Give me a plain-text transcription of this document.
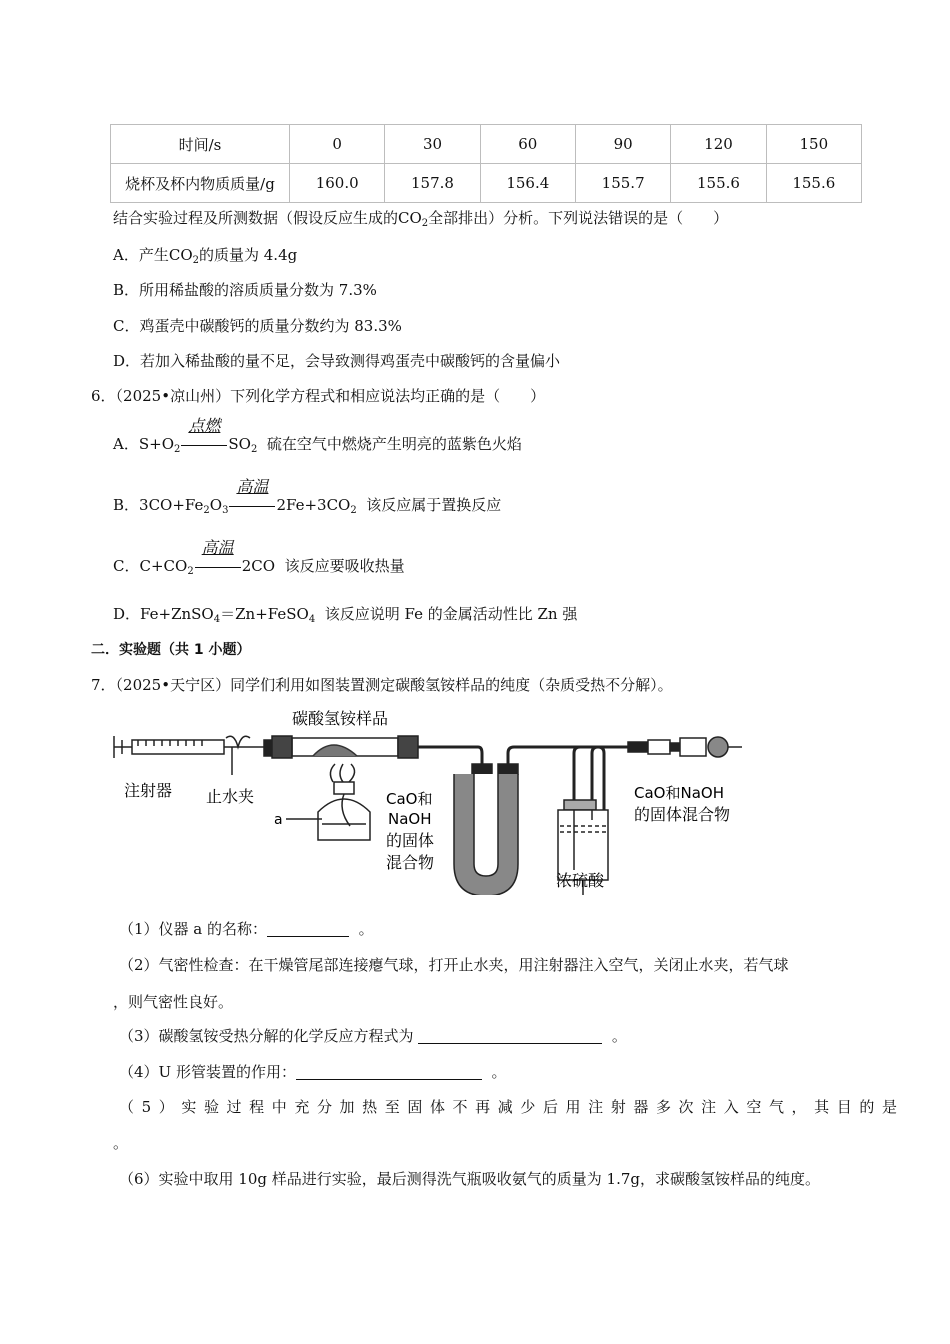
时间/s	0	30	60	90	120	150
烧杯及杯内物质质量/g	160.0	157.8	156.4	155.7	155.6	155.6
结合实验过程及所测数据（假设反应生成的$CO_2$全部排出）分析。下列说法错误的是（　　）
A．产生$CO_2$的质量为 4.4g
B．所用稀盐酸的溶质质量分数为 7.3%
C．鸡蛋壳中碳酸钙的质量分数约为 83.3%
D．若加入稀盐酸的量不足，会导致测得鸡蛋壳中碳酸钙的含量偏小
6．（2025•凉山州）下列化学方程式和相应说法均正确的是（　　）
A．$S+O_2$
点燃
$SO_2$ 硫在空气中燃烧产生明亮的蓝紫色火焰
B．$3CO+Fe_2O_3$
高温
$2Fe+3CO_2$ 该反应属于置换反应
C．$C+CO_2$
高温
2CO 该反应要吸收热量
D．Fe+ZnSO$_4$＝Zn+FeSO$_4$ 该反应说明 Fe 的金属活动性比 Zn 强
二．实验题（共 1 小题）
7．（2025•天宁区）同学们利用如图装置测定碳酸氢铵样品的纯度（杂质受热不分解）。
碳酸氢铵样品
注射器 止水夹
a
CaO和
NaOH
的固体
混合物
浓硫酸
CaO和NaOH
的固体混合物
（1）仪器 a 的名称：	。
（2）气密性检查：在干燥管尾部连接瘪气球，打开止水夹，用注射器注入空气，关闭止水夹，若气球
，则气密性良好。
（3）碳酸氢铵受热分解的化学反应方程式为	。
（4）U 形管装置的作用：	。
（5）实验过程中充分加热至固体不再减少后用注射器多次注入空气，其目的是
。
（6）实验中取用 10g 样品进行实验，最后测得洗气瓶吸收氨气的质量为 1.7g，求碳酸氢铵样品的纯度。
